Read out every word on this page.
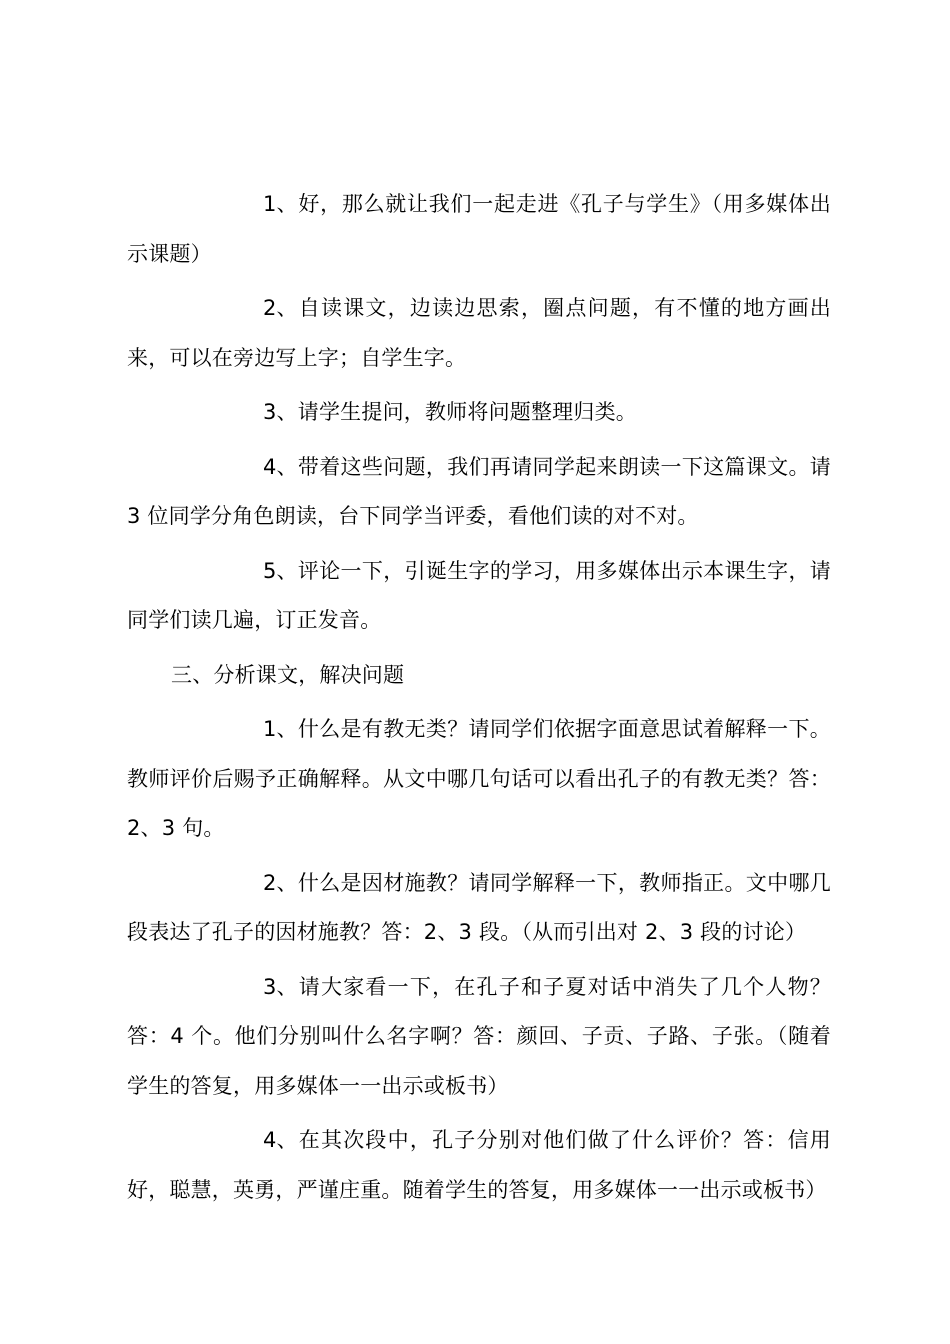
1、好，那么就让我们一起走进《孔子与学生》（用多媒体出示课题）

2、自读课文，边读边思索，圈点问题，有不懂的地方画出来，可以在旁边写上字；自学生字。

3、请学生提问，教师将问题整理归类。

4、带着这些问题，我们再请同学起来朗读一下这篇课文。请 3 位同学分角色朗读，台下同学当评委，看他们读的对不对。

5、评论一下，引诞生字的学习，用多媒体出示本课生字，请同学们读几遍，订正发音。

三、分析课文，解决问题

1、什么是有教无类？请同学们依据字面意思试着解释一下。教师评价后赐予正确解释。从文中哪几句话可以看出孔子的有教无类？答：2、3 句。

2、什么是因材施教？请同学解释一下，教师指正。文中哪几段表达了孔子的因材施教？答：2、3 段。（从而引出对 2、3 段的讨论）

3、请大家看一下，在孔子和子夏对话中消失了几个人物？答：4 个。他们分别叫什么名字啊？答：颜回、子贡、子路、子张。（随着学生的答复，用多媒体一一出示或板书）

4、在其次段中，孔子分别对他们做了什么评价？答：信用好，聪慧，英勇，严谨庄重。随着学生的答复，用多媒体一一出示或板书）
